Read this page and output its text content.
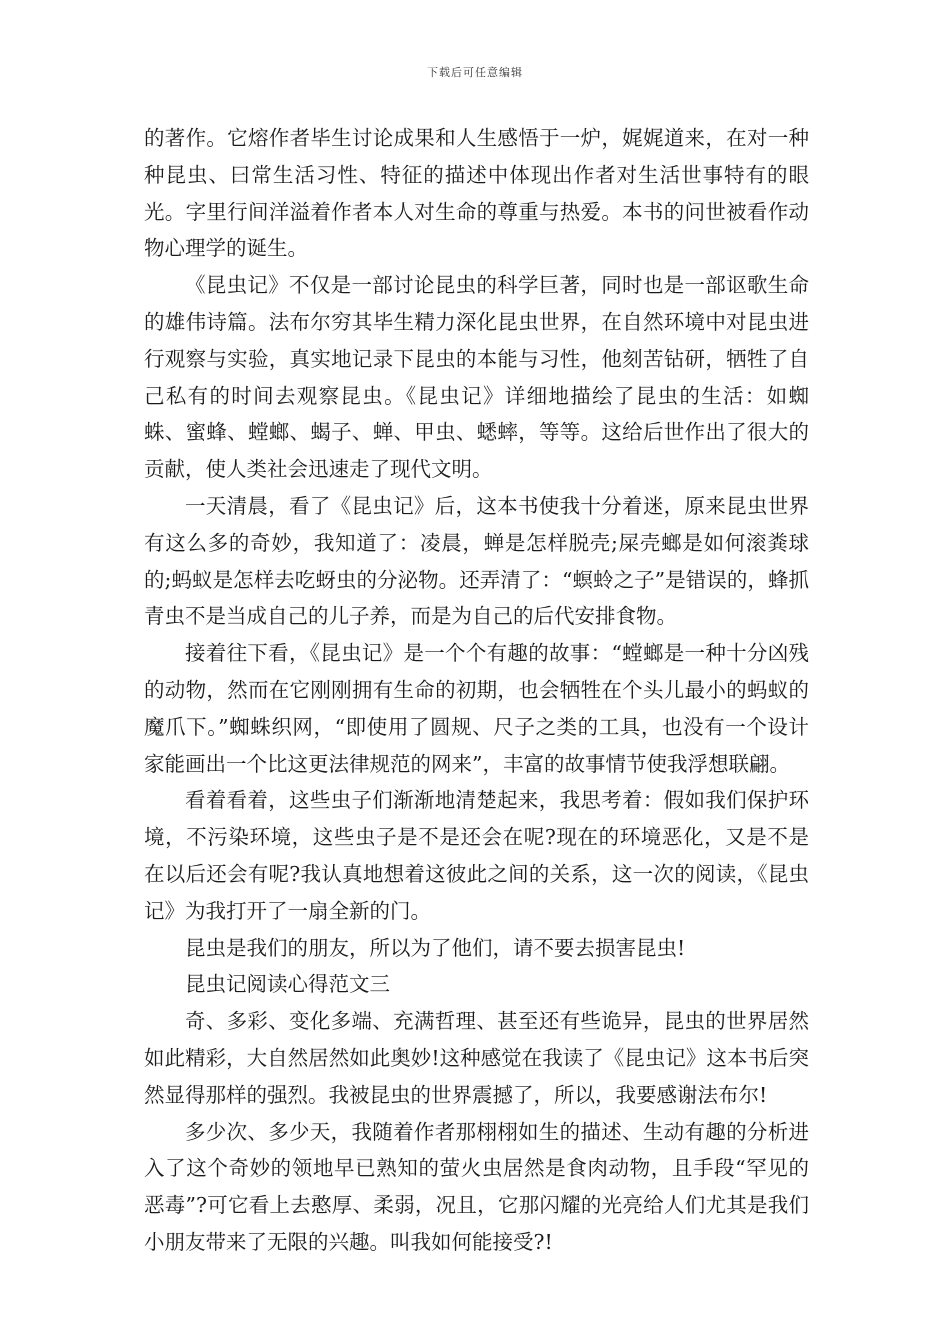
下载后可任意编辑

的著作。它熔作者毕生讨论成果和人生感悟于一炉，娓娓道来，在对一种种昆虫、曰常生活习性、特征的描述中体现出作者对生活世事特有的眼光。字里行间洋溢着作者本人对生命的尊重与热爱。本书的问世被看作动物心理学的诞生。

《昆虫记》不仅是一部讨论昆虫的科学巨著，同时也是一部讴歌生命的雄伟诗篇。法布尔穷其毕生精力深化昆虫世界，在自然环境中对昆虫进行观察与实验，真实地记录下昆虫的本能与习性，他刻苦钻研，牺牲了自己私有的时间去观察昆虫。《昆虫记》详细地描绘了昆虫的生活：如蜘蛛、蜜蜂、螳螂、蝎子、蝉、甲虫、蟋蟀，等等。这给后世作出了很大的贡献，使人类社会迅速走了现代文明。

一天清晨，看了《昆虫记》后，这本书使我十分着迷，原来昆虫世界有这么多的奇妙，我知道了：凌晨，蝉是怎样脱壳;屎壳螂是如何滚粪球的;蚂蚁是怎样去吃蚜虫的分泌物。还弄清了：“螟蛉之子”是错误的，蜂抓青虫不是当成自己的儿子养，而是为自己的后代安排食物。

接着往下看，《昆虫记》是一个个有趣的故事：“螳螂是一种十分凶残的动物，然而在它刚刚拥有生命的初期，也会牺牲在个头儿最小的蚂蚁的魔爪下。”蜘蛛织网，“即使用了圆规、尺子之类的工具，也没有一个设计家能画出一个比这更法律规范的网来”，丰富的故事情节使我浮想联翩。

看着看着，这些虫子们渐渐地清楚起来，我思考着：假如我们保护环境，不污染环境，这些虫子是不是还会在呢?现在的环境恶化，又是不是在以后还会有呢?我认真地想着这彼此之间的关系，这一次的阅读，《昆虫记》为我打开了一扇全新的门。

昆虫是我们的朋友，所以为了他们，请不要去损害昆虫!

昆虫记阅读心得范文三

奇、多彩、变化多端、充满哲理、甚至还有些诡异，昆虫的世界居然如此精彩，大自然居然如此奥妙!这种感觉在我读了《昆虫记》这本书后突然显得那样的强烈。我被昆虫的世界震撼了，所以，我要感谢法布尔!

多少次、多少天，我随着作者那栩栩如生的描述、生动有趣的分析进入了这个奇妙的领地早已熟知的萤火虫居然是食肉动物，且手段“罕见的恶毒”?可它看上去憨厚、柔弱，况且，它那闪耀的光亮给人们尤其是我们小朋友带来了无限的兴趣。叫我如何能接受?!
